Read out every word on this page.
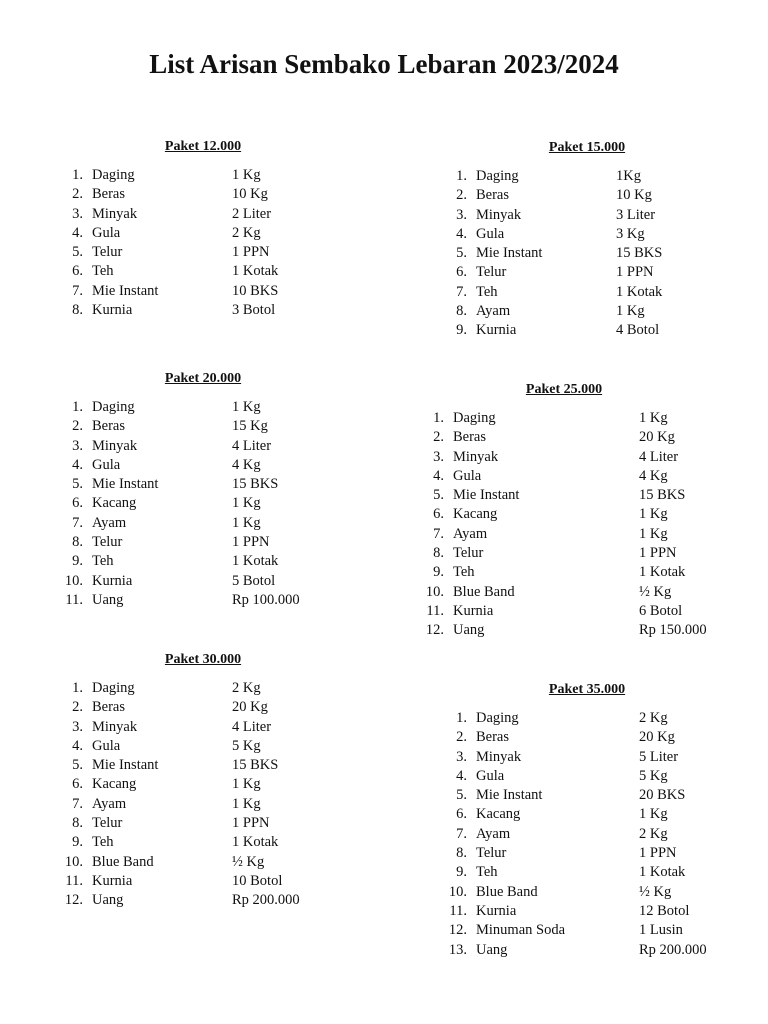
List Arisan Sembako Lebaran 2023/2024
Paket 12.000
1. Daging	1 Kg
2. Beras	10 Kg
3. Minyak	2 Liter
4. Gula	2 Kg
5. Telur	1 PPN
6. Teh	1 Kotak
7. Mie Instant	10 BKS
8. Kurnia	3 Botol
Paket 15.000
1. Daging	1Kg
2. Beras	10 Kg
3. Minyak	3 Liter
4. Gula	3 Kg
5. Mie Instant	15 BKS
6. Telur	1 PPN
7. Teh	1 Kotak
8. Ayam	1 Kg
9. Kurnia	4 Botol
Paket 20.000
1. Daging	1 Kg
2. Beras	15 Kg
3. Minyak	4 Liter
4. Gula	4 Kg
5. Mie Instant	15 BKS
6. Kacang	1 Kg
7. Ayam	1 Kg
8. Telur	1 PPN
9. Teh	1 Kotak
10. Kurnia	5 Botol
11. Uang	Rp 100.000
Paket 25.000
1. Daging	1 Kg
2. Beras	20 Kg
3. Minyak	4 Liter
4. Gula	4 Kg
5. Mie Instant	15 BKS
6. Kacang	1 Kg
7. Ayam	1 Kg
8. Telur	1 PPN
9. Teh	1 Kotak
10. Blue Band	½ Kg
11. Kurnia	6 Botol
12. Uang	Rp 150.000
Paket 30.000
1. Daging	2 Kg
2. Beras	20 Kg
3. Minyak	4 Liter
4. Gula	5 Kg
5. Mie Instant	15 BKS
6. Kacang	1 Kg
7. Ayam	1 Kg
8. Telur	1 PPN
9. Teh	1 Kotak
10. Blue Band	½ Kg
11. Kurnia	10 Botol
12. Uang	Rp 200.000
Paket 35.000
1. Daging	2 Kg
2. Beras	20 Kg
3. Minyak	5 Liter
4. Gula	5 Kg
5. Mie Instant	20 BKS
6. Kacang	1 Kg
7. Ayam	2 Kg
8. Telur	1 PPN
9. Teh	1 Kotak
10. Blue Band	½ Kg
11. Kurnia	12 Botol
12. Minuman Soda	1 Lusin
13. Uang	Rp 200.000
